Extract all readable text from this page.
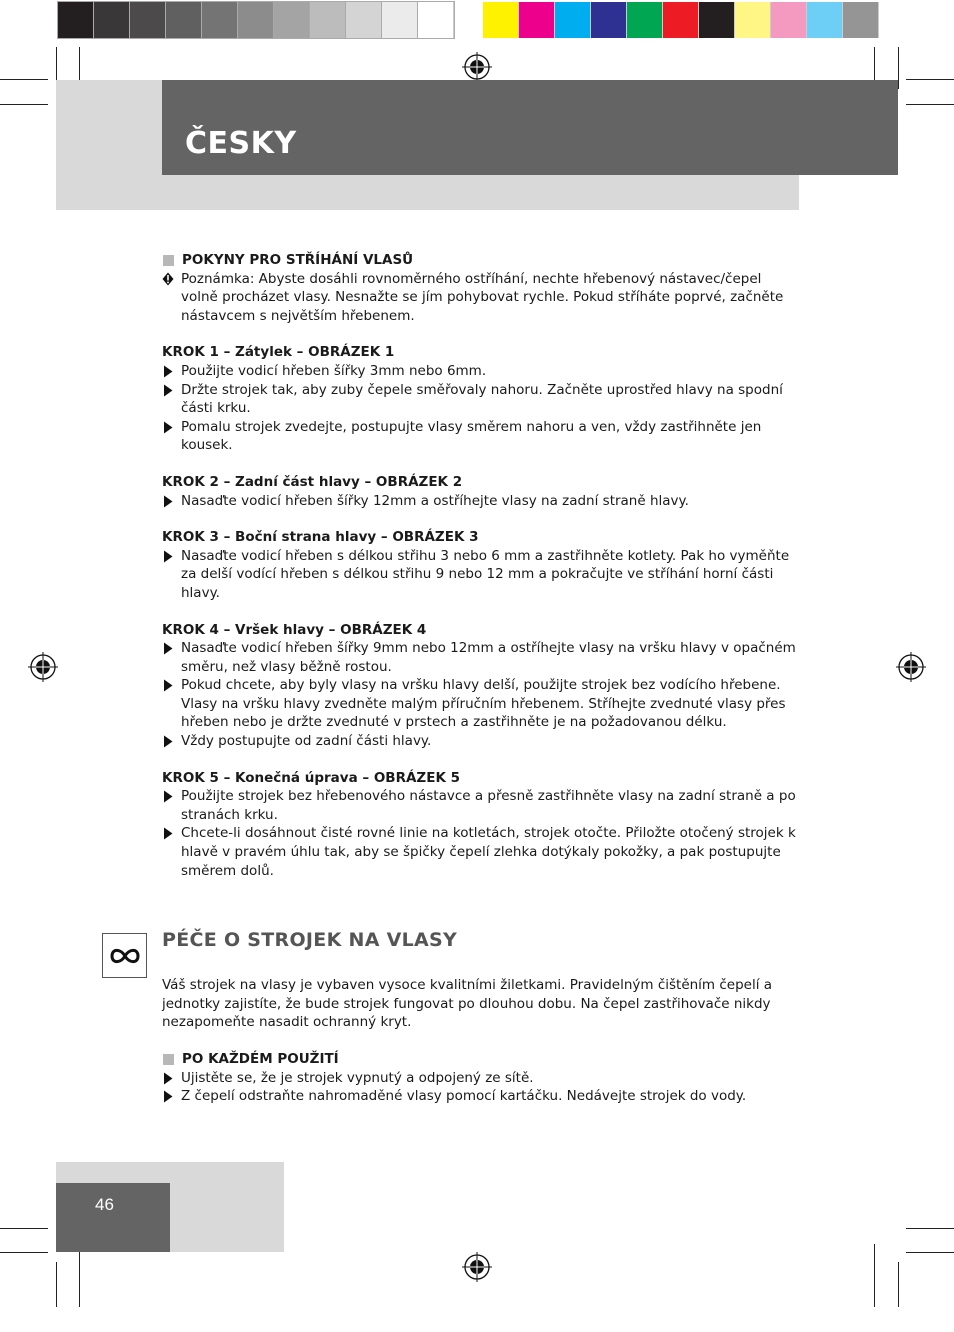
ČESKY
POKYNY PRO STŘÍHÁNÍ VLASŮ

Poznámka: Abyste dosáhli rovnoměrného ostříhání, nechte hřebenový nástavec/čepel volně procházet vlasy. Nesnažte se jím pohybovat rychle. Pokud stříháte poprvé, začněte nástavcem s největším hřebenem.

KROK 1 – Zátylek – OBRÁZEK 1

Použijte vodicí hřeben šířky 3mm nebo 6mm.

Držte strojek tak, aby zuby čepele směřovaly nahoru. Začněte uprostřed hlavy na spodní části krku.

Pomalu strojek zvedejte, postupujte vlasy směrem nahoru a ven, vždy zastřihněte jen kousek.

KROK 2 – Zadní část hlavy – OBRÁZEK 2

Nasaďte vodicí hřeben šířky 12mm a ostříhejte vlasy na zadní straně hlavy.

KROK 3 – Boční strana hlavy – OBRÁZEK 3

Nasaďte vodicí hřeben s délkou střihu 3 nebo 6 mm a zastřihněte kotlety. Pak ho vyměňte za delší vodící hřeben s délkou střihu 9 nebo 12 mm a pokračujte ve stříhání horní části hlavy.

KROK 4 – Vršek hlavy – OBRÁZEK 4

Nasaďte vodicí hřeben šířky 9mm nebo 12mm a ostříhejte vlasy na vršku hlavy v opačném směru, než vlasy běžně rostou.

Pokud chcete, aby byly vlasy na vršku hlavy delší, použijte strojek bez vodícího hřebene. Vlasy na vršku hlavy zvedněte malým příručním hřebenem. Stříhejte zvednuté vlasy přes hřeben nebo je držte zvednuté v prstech a zastřihněte je na požadovanou délku.

Vždy postupujte od zadní části hlavy.

KROK 5 – Konečná úprava – OBRÁZEK 5

Použijte strojek bez hřebenového nástavce a přesně zastřihněte vlasy na zadní straně a po stranách krku.

Chcete-li dosáhnout čisté rovné linie na kotletách, strojek otočte. Přiložte otočený strojek k hlavě v pravém úhlu tak, aby se špičky čepelí zlehka dotýkaly pokožky, a pak postupujte směrem dolů.

PÉČE O STROJEK NA VLASY

Váš strojek na vlasy je vybaven vysoce kvalitními žiletkami. Pravidelným čištěním čepelí a jednotky zajistíte, že bude strojek fungovat po dlouhou dobu. Na čepel zastřihovače nikdy nezapomeňte nasadit ochranný kryt.

PO KAŽDÉM POUŽITÍ

Ujistěte se, že je strojek vypnutý a odpojený ze sítě.

Z čepelí odstraňte nahromaděné vlasy pomocí kartáčku. Nedávejte strojek do vody.

46
